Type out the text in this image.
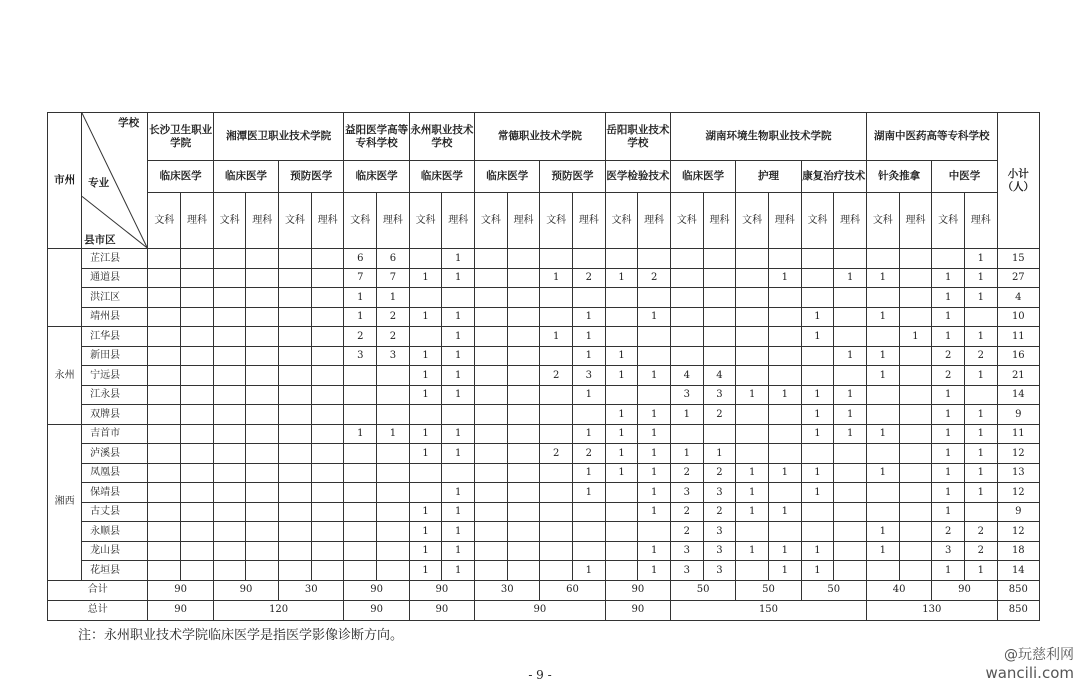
市州	学校
专业
县市区	长沙卫生职业学院		湘潭医卫职业技术学院				益阳医学高等专科学校		永州职业技术学校		常德职业技术学院				岳阳职业技术学校		湖南环境生物职业技术学院						湖南中医药高等专科学校				小计（人）
		临床医学		临床医学		预防医学		临床医学		临床医学		临床医学		预防医学		医学检验技术		临床医学		护理		康复治疗技术		针灸推拿		中医学		
		文科	理科	文科	理科	文科	理科	文科	理科	文科	理科	文科	理科	文科	理科	文科	理科	文科	理科	文科	理科	文科	理科	文科	理科	文科	理科	
	芷江县							6	6		1																1	15
	通道县							7	7	1	1			1	2	1	2				1		1	1		1	1	27
	洪江区							1	1																	1	1	4
	靖州县							1	2	1	1				1		1					1		1		1		10
永州	江华县							2	2		1			1	1							1			1	1	1	11
	新田县							3	3	1	1				1	1							1	1		2	2	16
	宁远县									1	1			2	3	1	1	4	4					1		2	1	21
	江永县									1	1				1			3	3	1	1	1	1			1		14
	双牌县															1	1	1	2			1	1			1	1	9
湘西	吉首市							1	1	1	1				1	1	1					1	1	1		1	1	11
	泸溪县									1	1			2	2	1	1	1	1							1	1	12
	凤凰县														1	1	1	2	2	1	1	1		1		1	1	13
	保靖县										1				1		1	3	3	1		1				1	1	12
	古丈县									1	1						1	2	2	1	1					1		9
	永顺县									1	1							2	3					1		2	2	12
	龙山县									1	1						1	3	3	1	1	1		1		3	2	18
	花垣县									1	1				1		1	3	3		1	1				1	1	14
合计		90		90		30		90		90		30		60		90		50		50		50		40		90		850
总计		90		120				90		90		90				90		150						130				850
注：永州职业技术学院临床医学是指医学影像诊断方向。
- 9 -
@玩慈利网
wancili.com
